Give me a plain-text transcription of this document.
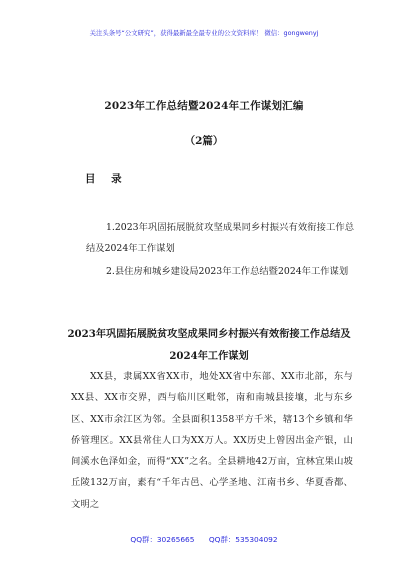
关注头条号“公文研究”，获得最新最全最专业的公文资料库！ 微信：gongwenyj
2023年工作总结暨2024年工作谋划汇编
（2篇）
目 录
1.2023年巩固拓展脱贫攻坚成果同乡村振兴有效衔接工作总结及2024年工作谋划
2.县住房和城乡建设局2023年工作总结暨2024年工作谋划
2023年巩固拓展脱贫攻坚成果同乡村振兴有效衔接工作总结及2024年工作谋划
XX县，隶属XX省XX市，地处XX省中东部、XX市北部，东与XX县、XX市交界，西与临川区毗邻，南和南城县接壤，北与东乡区、XX市余江区为邻。全县面积1358平方千米，辖13个乡镇和华侨管理区。XX县常住人口为XX万人。XX历史上曾因出金产银，山间溪水色泽如金，而得“XX”之名。全县耕地42万亩，宜林宜果山坡丘陵132万亩，素有“千年古邑、心学圣地、江南书乡、华夏香都、文明之
QQ群：30265665 QQ群：535304092
